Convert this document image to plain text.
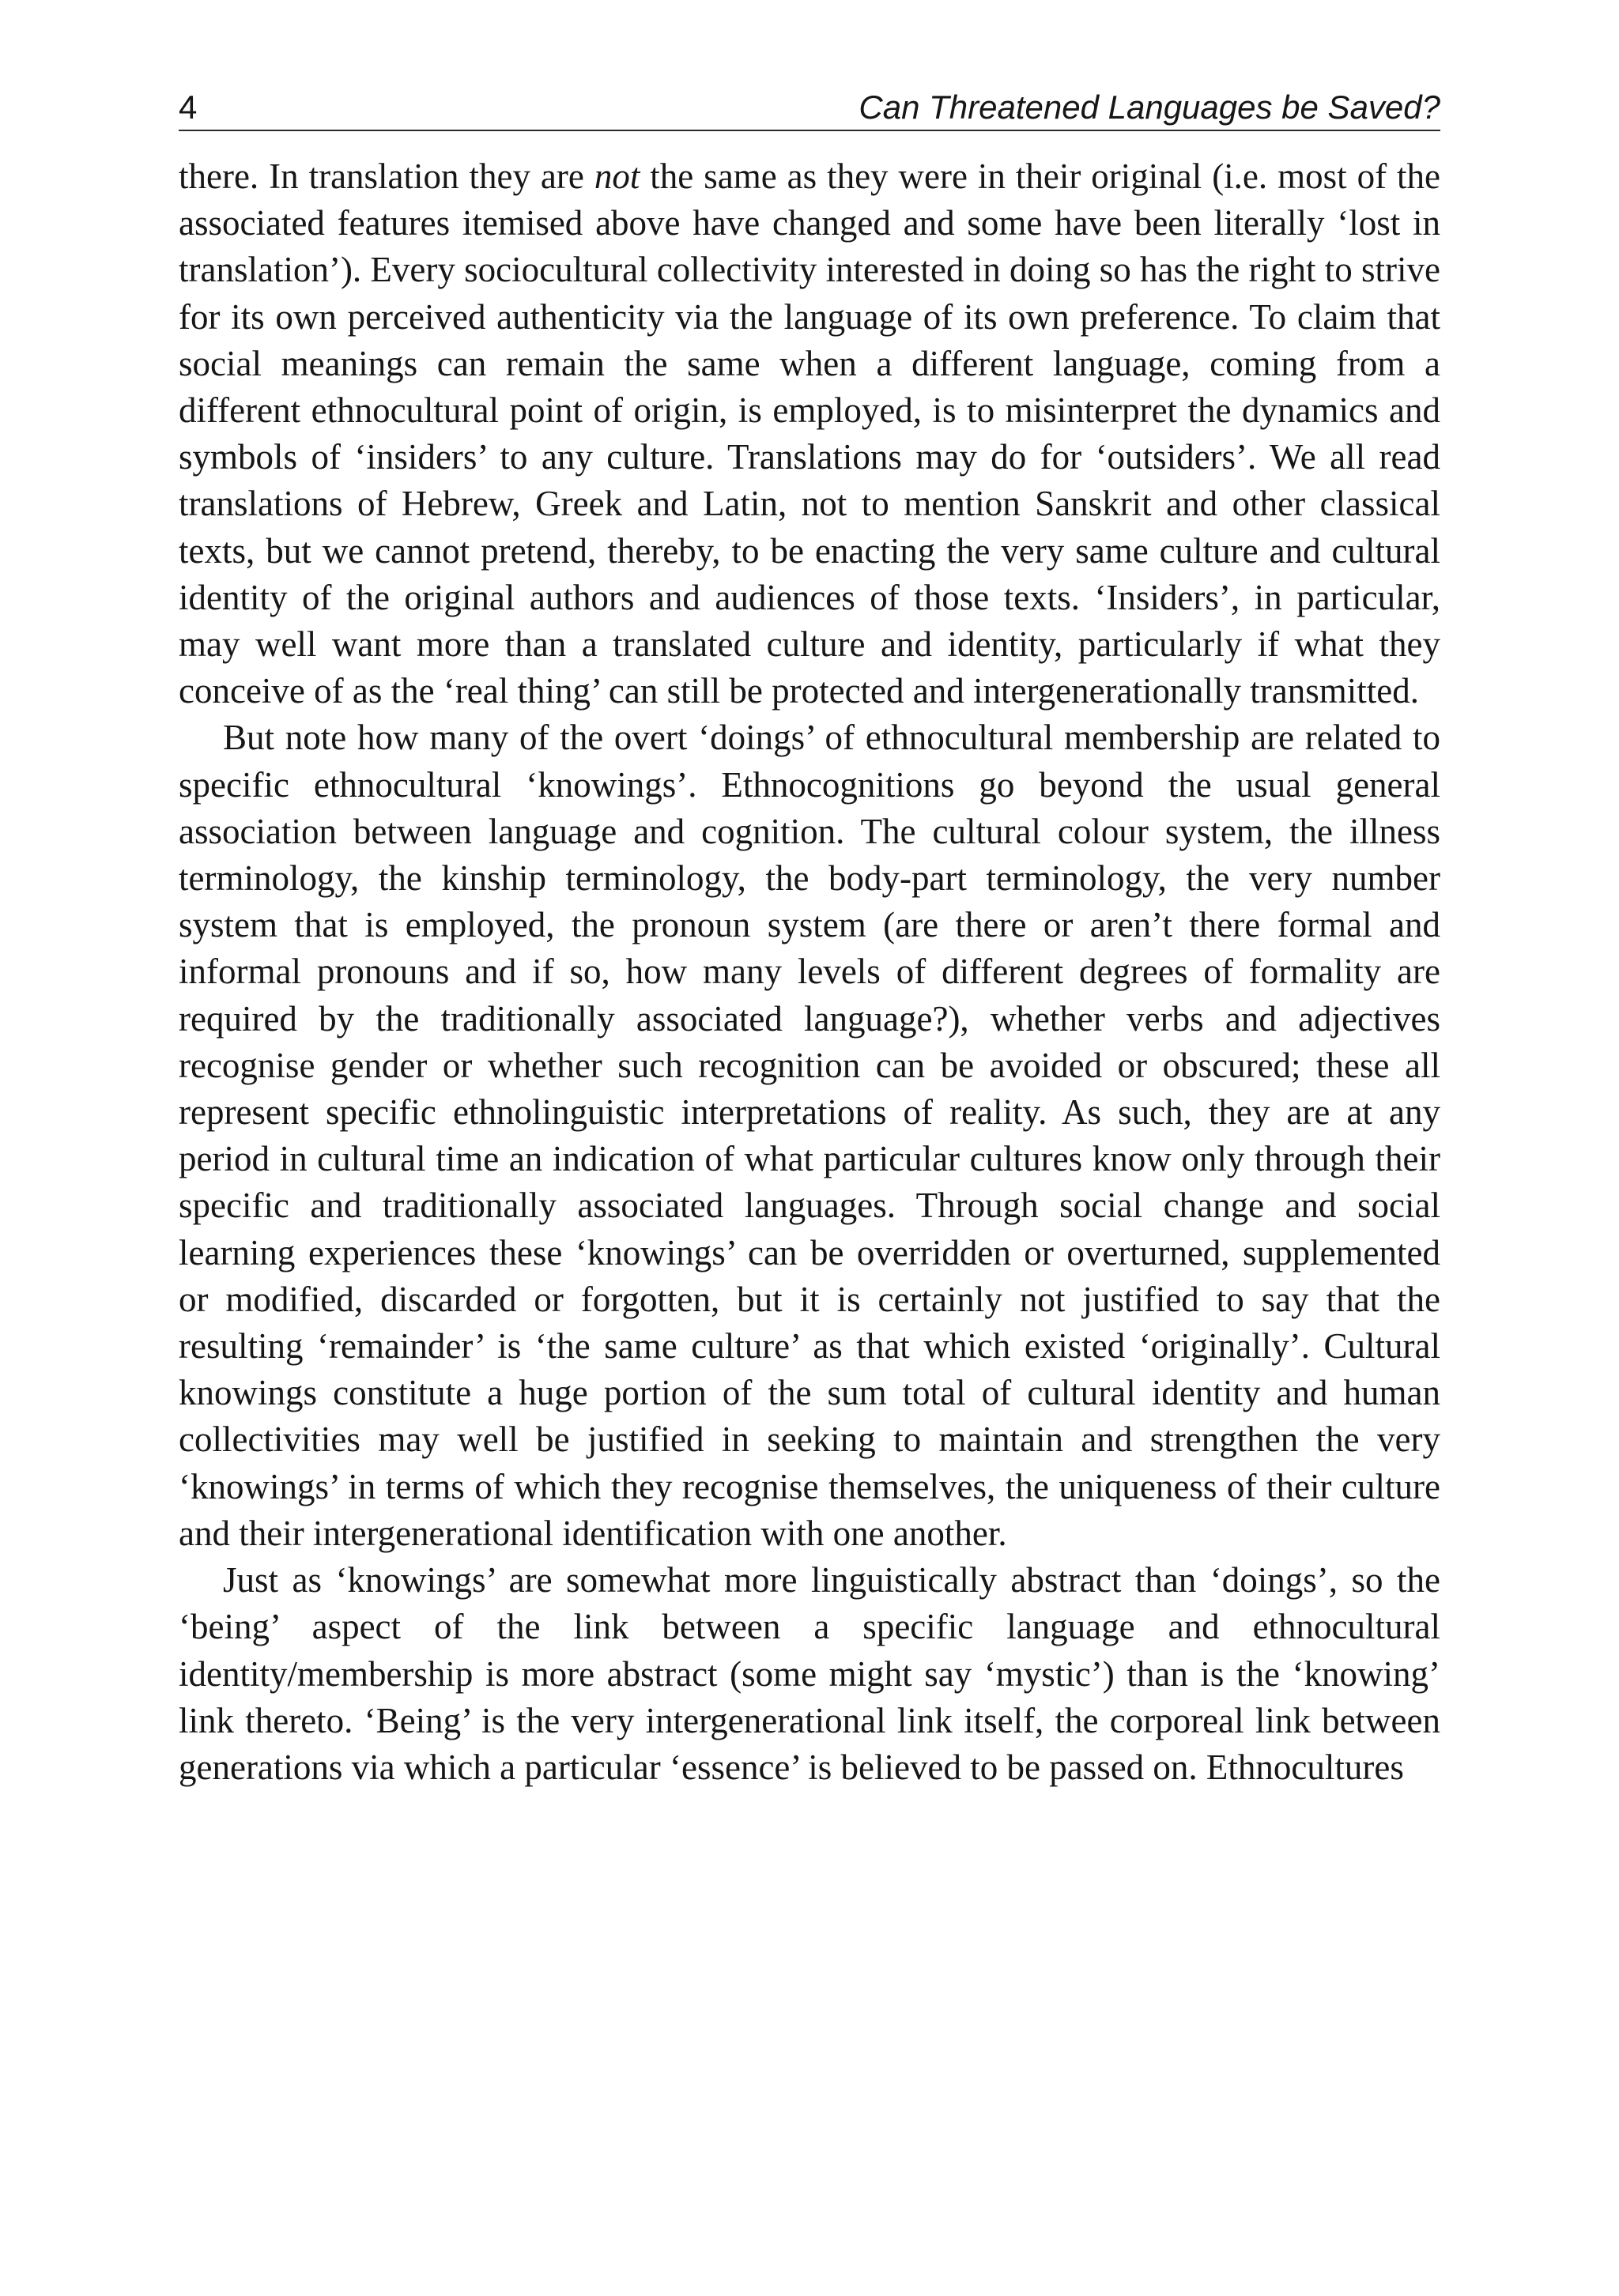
4	Can Threatened Languages be Saved?

there. In translation they are not the same as they were in their original (i.e. most of the associated features itemised above have changed and some have been literally ‘lost in translation’). Every sociocultural collectivity interested in doing so has the right to strive for its own perceived authenticity via the language of its own preference. To claim that social meanings can remain the same when a different language, coming from a different ethnocultural point of origin, is employed, is to misinterpret the dynamics and symbols of ‘insiders’ to any culture. Translations may do for ‘outsiders’. We all read translations of Hebrew, Greek and Latin, not to mention Sanskrit and other classical texts, but we cannot pretend, thereby, to be enacting the very same culture and cultural identity of the original authors and audiences of those texts. ‘Insiders’, in particular, may well want more than a translated culture and identity, particularly if what they conceive of as the ‘real thing’ can still be protected and intergenerationally transmitted.

But note how many of the overt ‘doings’ of ethnocultural membership are related to specific ethnocultural ‘knowings’. Ethnocognitions go beyond the usual general association between language and cognition. The cultural colour system, the illness terminology, the kinship terminology, the body-part terminology, the very number system that is employed, the pronoun system (are there or aren’t there formal and informal pronouns and if so, how many levels of different degrees of formality are required by the traditionally associated language?), whether verbs and adjectives recognise gender or whether such recognition can be avoided or obscured; these all represent specific ethnolinguistic interpretations of reality. As such, they are at any period in cultural time an indication of what particular cultures know only through their specific and traditionally associated languages. Through social change and social learning experiences these ‘knowings’ can be overridden or overturned, supplemented or modified, discarded or forgotten, but it is certainly not justified to say that the resulting ‘remainder’ is ‘the same culture’ as that which existed ‘originally’. Cultural knowings constitute a huge portion of the sum total of cultural identity and human collectivities may well be justified in seeking to maintain and strengthen the very ‘knowings’ in terms of which they recognise themselves, the uniqueness of their culture and their intergenerational identification with one another.

Just as ‘knowings’ are somewhat more linguistically abstract than ‘doings’, so the ‘being’ aspect of the link between a specific language and ethnocultural identity/membership is more abstract (some might say ‘mystic’) than is the ‘knowing’ link thereto. ‘Being’ is the very intergenerational link itself, the corporeal link between generations via which a particular ‘essence’ is believed to be passed on. Ethnocultures
